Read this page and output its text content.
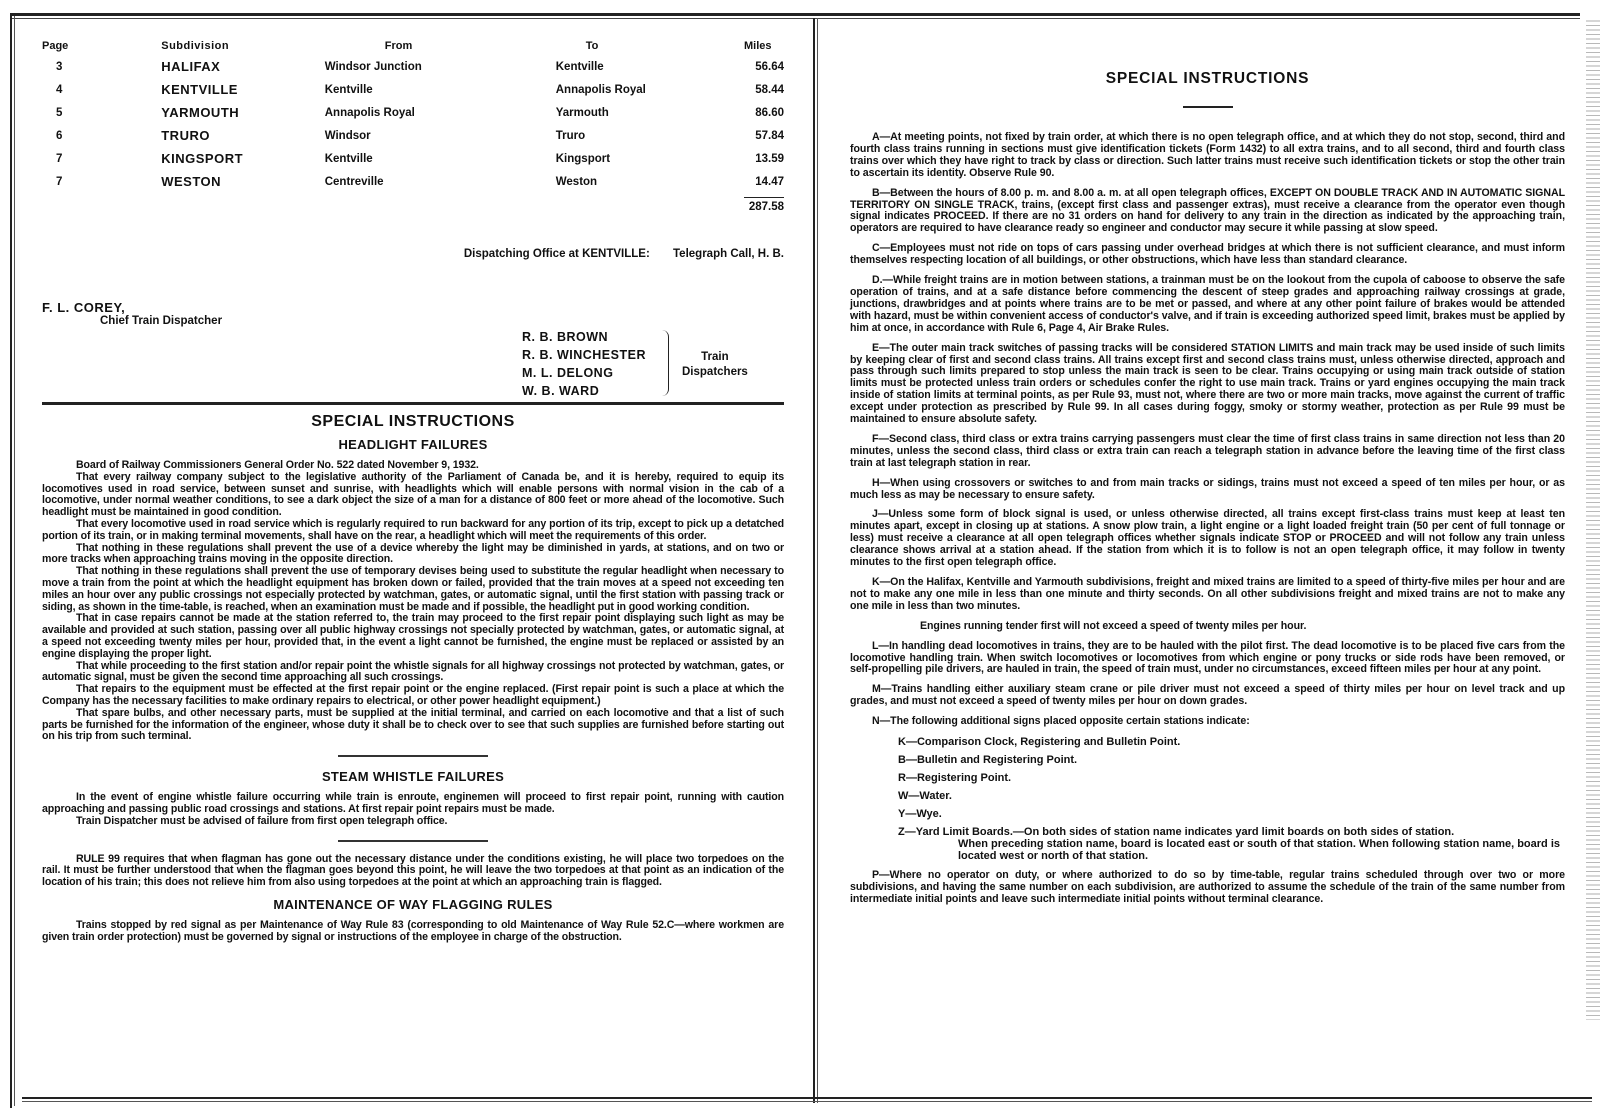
Page	Subdivision	From	To	Miles
3	HALIFAX	Windsor Junction	Kentville	56.64
4	KENTVILLE	Kentville	Annapolis Royal	58.44
5	YARMOUTH	Annapolis Royal	Yarmouth	86.60
6	TRURO	Windsor	Truro	57.84
7	KINGSPORT	Kentville	Kingsport	13.59
7	WESTON	Centreville	Weston	14.47
				287.58
Dispatching Office at KENTVILLE: Telegraph Call, H. B.
F. L. COREY,
Chief Train Dispatcher
R. B. BROWN
R. B. WINCHESTER
M. L. DELONG
W. B. WARD
Train
Dispatchers
SPECIAL INSTRUCTIONS
HEADLIGHT FAILURES

Board of Railway Commissioners General Order No. 522 dated November 9, 1932.

That every railway company subject to the legislative authority of the Parliament of Canada be, and it is hereby, required to equip its locomotives used in road service, between sunset and sunrise, with headlights which will enable persons with normal vision in the cab of a locomotive, under normal weather conditions, to see a dark object the size of a man for a distance of 800 feet or more ahead of the locomotive. Such headlight must be maintained in good condition.

That every locomotive used in road service which is regularly required to run backward for any portion of its trip, except to pick up a detatched portion of its train, or in making terminal movements, shall have on the rear, a headlight which will meet the requirements of this order.

That nothing in these regulations shall prevent the use of a device whereby the light may be diminished in yards, at stations, and on two or more tracks when approaching trains moving in the opposite direction.

That nothing in these regulations shall prevent the use of temporary devises being used to substitute the regular headlight when necessary to move a train from the point at which the headlight equipment has broken down or failed, provided that the train moves at a speed not exceeding ten miles an hour over any public crossings not especially protected by watchman, gates, or automatic signal, until the first station with passing track or siding, as shown in the time-table, is reached, when an examination must be made and if possible, the headlight put in good working condition.

That in case repairs cannot be made at the station referred to, the train may proceed to the first repair point displaying such light as may be available and provided at such station, passing over all public highway crossings not specially protected by watchman, gates, or automatic signal, at a speed not exceeding twenty miles per hour, provided that, in the event a light cannot be furnished, the engine must be replaced or assisted by an engine displaying the proper light.

That while proceeding to the first station and/or repair point the whistle signals for all highway crossings not protected by watchman, gates, or automatic signal, must be given the second time approaching all such crossings.

That repairs to the equipment must be effected at the first repair point or the engine replaced. (First repair point is such a place at which the Company has the necessary facilities to make ordinary repairs to electrical, or other power headlight equipment.)

That spare bulbs, and other necessary parts, must be supplied at the initial terminal, and carried on each locomotive and that a list of such parts be furnished for the information of the engineer, whose duty it shall be to check over to see that such supplies are furnished before starting out on his trip from such terminal.

STEAM WHISTLE FAILURES

In the event of engine whistle failure occurring while train is enroute, enginemen will proceed to first repair point, running with caution approaching and passing public road crossings and stations. At first repair point repairs must be made.

Train Dispatcher must be advised of failure from first open telegraph office.

RULE 99 requires that when flagman has gone out the necessary distance under the conditions existing, he will place two torpedoes on the rail. It must be further understood that when the flagman goes beyond this point, he will leave the two torpedoes at that point as an indication of the location of his train; this does not relieve him from also using torpedoes at the point at which an approaching train is flagged.

MAINTENANCE OF WAY FLAGGING RULES

Trains stopped by red signal as per Maintenance of Way Rule 83 (corresponding to old Maintenance of Way Rule 52.C—where workmen are given train order protection) must be governed by signal or instructions of the employee in charge of the obstruction.

SPECIAL INSTRUCTIONS

A—At meeting points, not fixed by train order, at which there is no open telegraph office, and at which they do not stop, second, third and fourth class trains running in sections must give identification tickets (Form 1432) to all extra trains, and to all second, third and fourth class trains over which they have right to track by class or direction. Such latter trains must receive such identification tickets or stop the other train to ascertain its identity. Observe Rule 90.

B—Between the hours of 8.00 p. m. and 8.00 a. m. at all open telegraph offices, EXCEPT ON DOUBLE TRACK AND IN AUTOMATIC SIGNAL TERRITORY ON SINGLE TRACK, trains, (except first class and passenger extras), must receive a clearance from the operator even though signal indicates PROCEED. If there are no 31 orders on hand for delivery to any train in the direction as indicated by the approaching train, operators are required to have clearance ready so engineer and conductor may secure it while passing at slow speed.

C—Employees must not ride on tops of cars passing under overhead bridges at which there is not sufficient clearance, and must inform themselves respecting location of all buildings, or other obstructions, which have less than standard clearance.

D.—While freight trains are in motion between stations, a trainman must be on the lookout from the cupola of caboose to observe the safe operation of trains, and at a safe distance before commencing the descent of steep grades and approaching railway crossings at grade, junctions, drawbridges and at points where trains are to be met or passed, and where at any other point failure of brakes would be attended with hazard, must be within convenient access of conductor's valve, and if train is exceeding authorized speed limit, brakes must be applied by him at once, in accordance with Rule 6, Page 4, Air Brake Rules.

E—The outer main track switches of passing tracks will be considered STATION LIMITS and main track may be used inside of such limits by keeping clear of first and second class trains. All trains except first and second class trains must, unless otherwise directed, approach and pass through such limits prepared to stop unless the main track is seen to be clear. Trains occupying or using main track outside of station limits must be protected unless train orders or schedules confer the right to use main track. Trains or yard engines occupying the main track inside of station limits at terminal points, as per Rule 93, must not, where there are two or more main tracks, move against the current of traffic except under protection as prescribed by Rule 99. In all cases during foggy, smoky or stormy weather, protection as per Rule 99 must be maintained to ensure absolute safety.

F—Second class, third class or extra trains carrying passengers must clear the time of first class trains in same direction not less than 20 minutes, unless the second class, third class or extra train can reach a telegraph station in advance before the leaving time of the first class train at last telegraph station in rear.

H—When using crossovers or switches to and from main tracks or sidings, trains must not exceed a speed of ten miles per hour, or as much less as may be necessary to ensure safety.

J—Unless some form of block signal is used, or unless otherwise directed, all trains except first-class trains must keep at least ten minutes apart, except in closing up at stations. A snow plow train, a light engine or a light loaded freight train (50 per cent of full tonnage or less) must receive a clearance at all open telegraph offices whether signals indicate STOP or PROCEED and will not follow any train unless clearance shows arrival at a station ahead. If the station from which it is to follow is not an open telegraph office, it may follow in twenty minutes to the first open telegraph office.

K—On the Halifax, Kentville and Yarmouth subdivisions, freight and mixed trains are limited to a speed of thirty-five miles per hour and are not to make any one mile in less than one minute and thirty seconds. On all other subdivisions freight and mixed trains are not to make any one mile in less than two minutes.

Engines running tender first will not exceed a speed of twenty miles per hour.

L—In handling dead locomotives in trains, they are to be hauled with the pilot first. The dead locomotive is to be placed five cars from the locomotive handling train. When switch locomotives or locomotives from which engine or pony trucks or side rods have been removed, or self-propelling pile drivers, are hauled in train, the speed of train must, under no circumstances, exceed fifteen miles per hour at any point.

M—Trains handling either auxiliary steam crane or pile driver must not exceed a speed of thirty miles per hour on level track and up grades, and must not exceed a speed of twenty miles per hour on down grades.

N—The following additional signs placed opposite certain stations indicate:

K—Comparison Clock, Registering and Bulletin Point.
B—Bulletin and Registering Point.
R—Registering Point.
W—Water.
Y—Wye.
Z—Yard Limit Boards.—On both sides of station name indicates yard limit boards on both sides of station.
When preceding station name, board is located east or south of that station. When following station name, board is located west or north of that station.

P—Where no operator on duty, or where authorized to do so by time-table, regular trains scheduled through over two or more subdivisions, and having the same number on each subdivision, are authorized to assume the schedule of the train of the same number from intermediate initial points and leave such intermediate initial points without terminal clearance.
